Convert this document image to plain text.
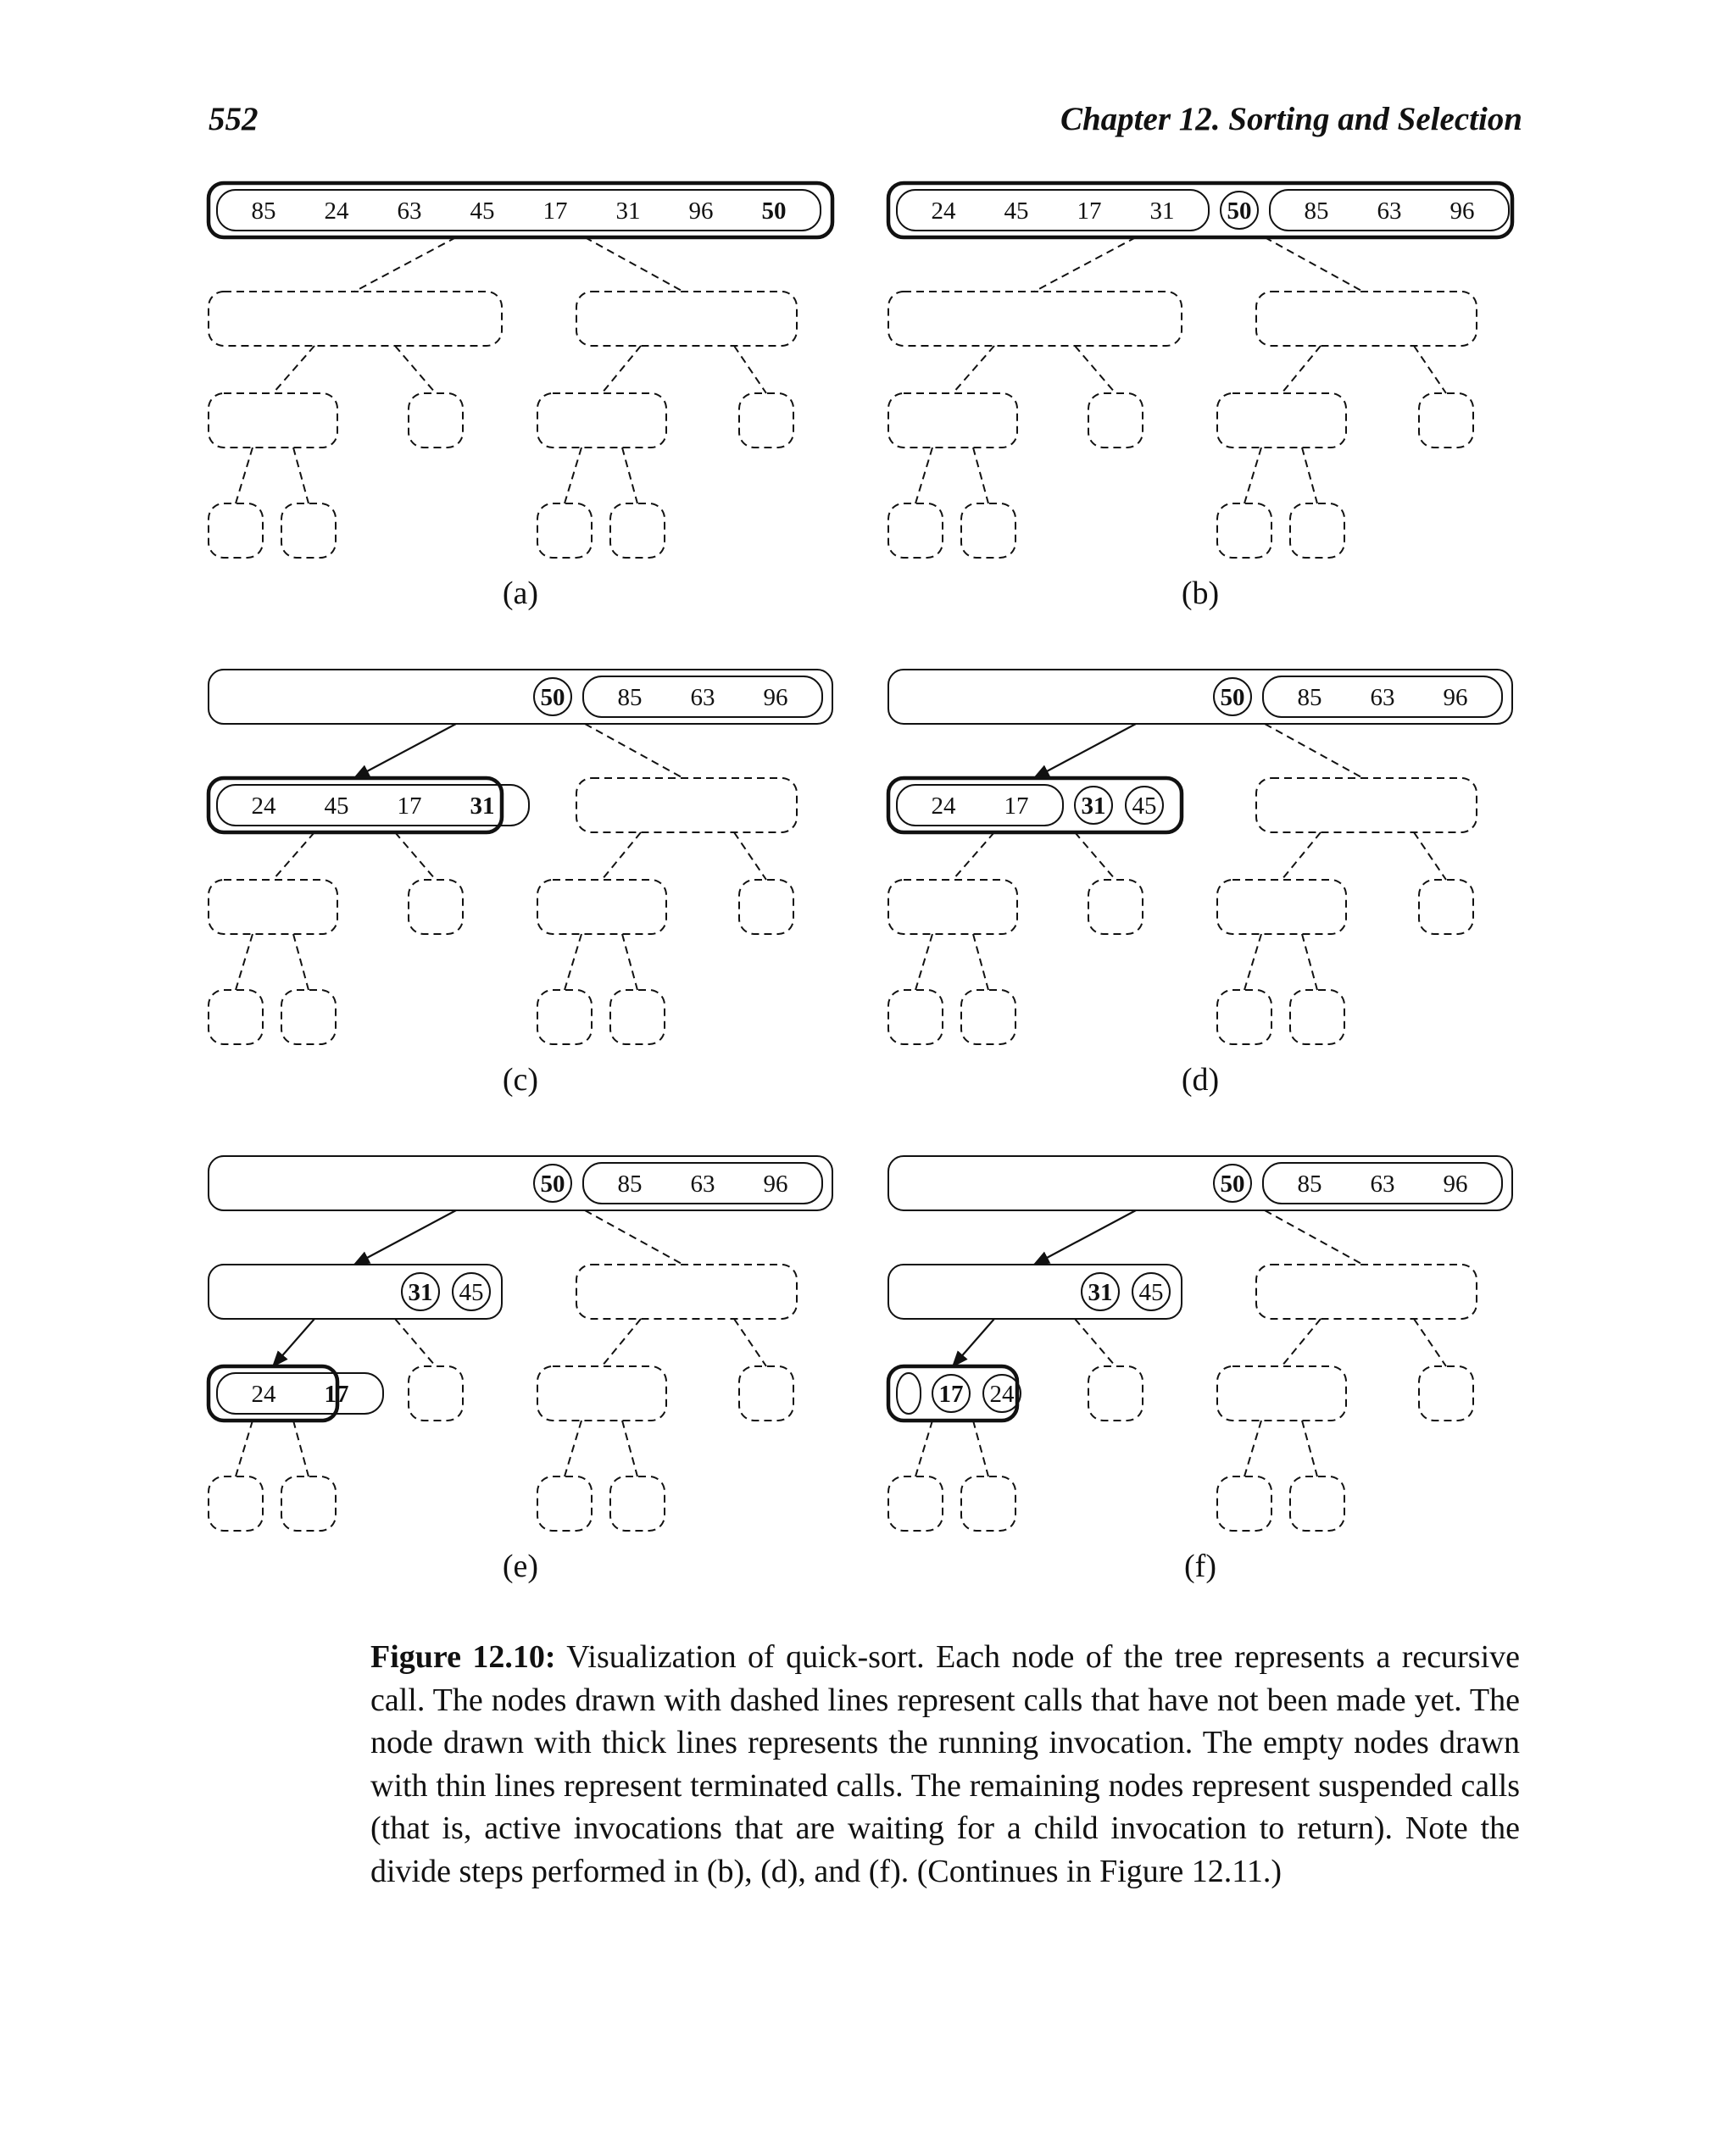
552	Chapter 12. Sorting and Selection
85 24 63 45 17 31 96 50
(a)
24 45 17 31 50 85 63 96
(b)
50 85 63 96
24 45 17 31
(c)
50 85 63 96
24 17 31 45
(d)
50 85 63 96
31 45
24 17
(e)
50 85 63 96
31 45
17 24
(f)
Figure 12.10: Visualization of quick-sort. Each node of the tree represents a recursive call. The nodes drawn with dashed lines represent calls that have not been made yet. The node drawn with thick lines represents the running invocation. The empty nodes drawn with thin lines represent terminated calls. The remaining nodes represent suspended calls (that is, active invocations that are waiting for a child invocation to return). Note the divide steps performed in (b), (d), and (f). (Continues in Figure 12.11.)
